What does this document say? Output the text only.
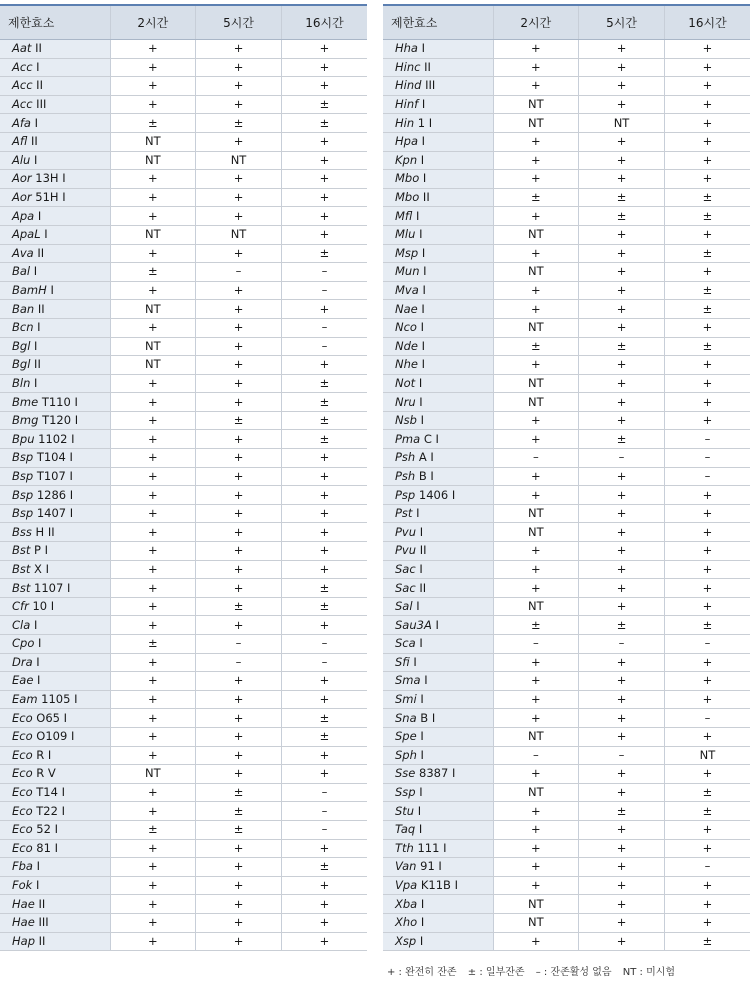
제한효소	2시간	5시간	16시간
Aat II	+	+	+
Acc I	+	+	+
Acc II	+	+	+
Acc III	+	+	±
Afa I	±	±	±
Afl II	NT	+	+
Alu I	NT	NT	+
Aor 13H I	+	+	+
Aor 51H I	+	+	+
Apa I	+	+	+
ApaL I	NT	NT	+
Ava II	+	+	±
Bal I	±	–	–
BamH I	+	+	–
Ban II	NT	+	+
Bcn I	+	+	–
Bgl I	NT	+	–
Bgl II	NT	+	+
Bln I	+	+	±
Bme T110 I	+	+	±
Bmg T120 I	+	±	±
Bpu 1102 I	+	+	±
Bsp T104 I	+	+	+
Bsp T107 I	+	+	+
Bsp 1286 I	+	+	+
Bsp 1407 I	+	+	+
Bss H II	+	+	+
Bst P I	+	+	+
Bst X I	+	+	+
Bst 1107 I	+	+	±
Cfr 10 I	+	±	±
Cla I	+	+	+
Cpo I	±	–	–
Dra I	+	–	–
Eae I	+	+	+
Eam 1105 I	+	+	+
Eco O65 I	+	+	±
Eco O109 I	+	+	±
Eco R I	+	+	+
Eco R V	NT	+	+
Eco T14 I	+	±	–
Eco T22 I	+	±	–
Eco 52 I	±	±	–
Eco 81 I	+	+	+
Fba I	+	+	±
Fok I	+	+	+
Hae II	+	+	+
Hae III	+	+	+
Hap II	+	+	+
제한효소	2시간	5시간	16시간
Hha I	+	+	+
Hinc II	+	+	+
Hind III	+	+	+
Hinf I	NT	+	+
Hin 1 I	NT	NT	+
Hpa I	+	+	+
Kpn I	+	+	+
Mbo I	+	+	+
Mbo II	±	±	±
Mfl I	+	±	±
Mlu I	NT	+	+
Msp I	+	+	±
Mun I	NT	+	+
Mva I	+	+	±
Nae I	+	+	±
Nco I	NT	+	+
Nde I	±	±	±
Nhe I	+	+	+
Not I	NT	+	+
Nru I	NT	+	+
Nsb I	+	+	+
Pma C I	+	±	–
Psh A I	–	–	–
Psh B I	+	+	–
Psp 1406 I	+	+	+
Pst I	NT	+	+
Pvu I	NT	+	+
Pvu II	+	+	+
Sac I	+	+	+
Sac II	+	+	+
Sal I	NT	+	+
Sau3A I	±	±	±
Sca I	–	–	–
Sfi I	+	+	+
Sma I	+	+	+
Smi I	+	+	+
Sna B I	+	+	–
Spe I	NT	+	+
Sph I	–	–	NT
Sse 8387 I	+	+	+
Ssp I	NT	+	±
Stu I	+	±	±
Taq I	+	+	+
Tth 111 I	+	+	+
Van 91 I	+	+	–
Vpa K11B I	+	+	+
Xba I	NT	+	+
Xho I	NT	+	+
Xsp I	+	+	±
+ : 완전히 잔존 ± : 일부잔존 – : 잔존활성 없음 NT : 미시험
